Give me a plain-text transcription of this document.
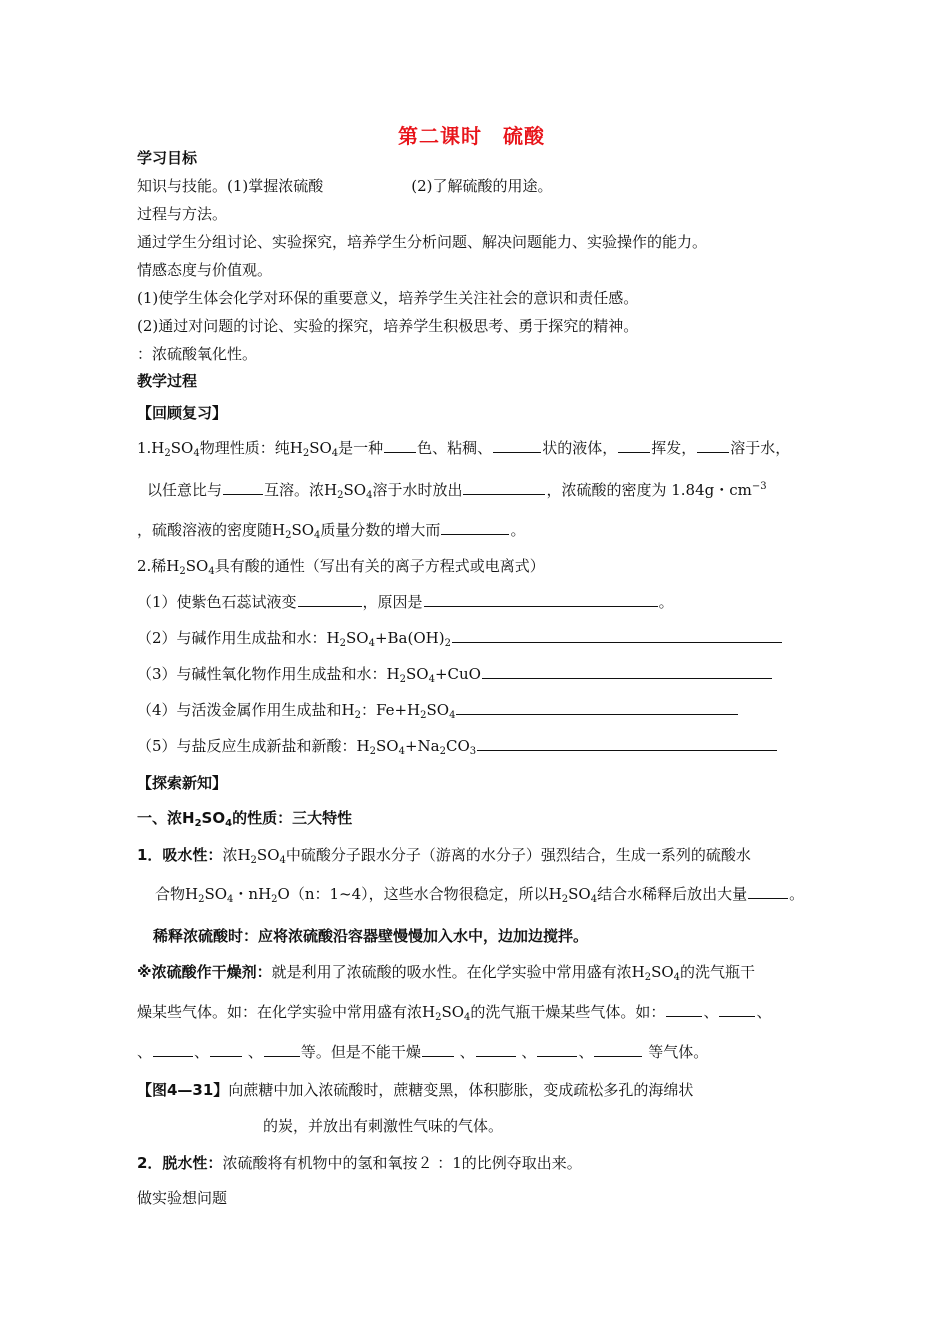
第二课时　硫酸
学习目标
知识与技能。(1)掌握浓硫酸	(2)了解硫酸的用途。
过程与方法。
通过学生分组讨论、实验探究，培养学生分析问题、解决问题能力、实验操作的能力。
情感态度与价值观。
(1)使学生体会化学对环保的重要意义，培养学生关注社会的意识和责任感。
(2)通过对问题的讨论、实验的探究，培养学生积极思考、勇于探究的精神。
：浓硫酸氧化性。
教学过程
【回顾复习】
$1.H_2SO_4$物理性质：纯$H_2SO_4$是一种 色、粘稠、	状的液体， 挥发， 溶于水，
以任意比与	互溶。浓$H_2SO_4$溶于水时放出	，浓硫酸的密度为 1.84g・$cm^{-3}$
，硫酸溶液的密度随$H_2SO_4$质量分数的增大而	。
2.稀$H_2SO_4$具有酸的通性（写出有关的离子方程式或电离式）
（1）使紫色石蕊试液变	，原因是	。
（2）与碱作用生成盐和水：$H_2SO_4+Ba(OH)_2$
（3）与碱性氧化物作用生成盐和水：$H_2SO_4+CuO$
（4）与活泼金属作用生成盐和$H_2$：$Fe+H_2SO_4$
（5）与盐反应生成新盐和新酸：$H_2SO_4+Na_2CO_3$
【探索新知】
一、浓$H_2SO_4$的性质：三大特性
1．吸水性：浓$H_2SO_4$中硫酸分子跟水分子（游离的水分子）强烈结合，生成一系列的硫酸水
合物$H_2SO_4$・$nH_2O(n$：1~4），这些水合物很稳定，所以$H_2SO_4$结合水稀释后放出大量	。
稀释浓硫酸时：应将浓硫酸沿容器壁慢慢加入水中，边加边搅拌。
※浓硫酸作干燥剂：就是利用了浓硫酸的吸水性。在化学实验中常用盛有浓$H_2SO_4$的洗气瓶干
燥某些气体。如：在化学实验中常用盛有浓$H_2SO_4$的洗气瓶干燥某些气体。如：	、	、
、	、	、	等。但是不能干燥	、	、	、	等气体。
【图4—31】向蔗糖中加入浓硫酸时，蔗糖变黑，体积膨胀，变成疏松多孔的海绵状
的炭，并放出有刺激性气味的气体。
2．脱水性：浓硫酸将有机物中的氢和氧按２ ：1的比例夺取出来。
做实验想问题
